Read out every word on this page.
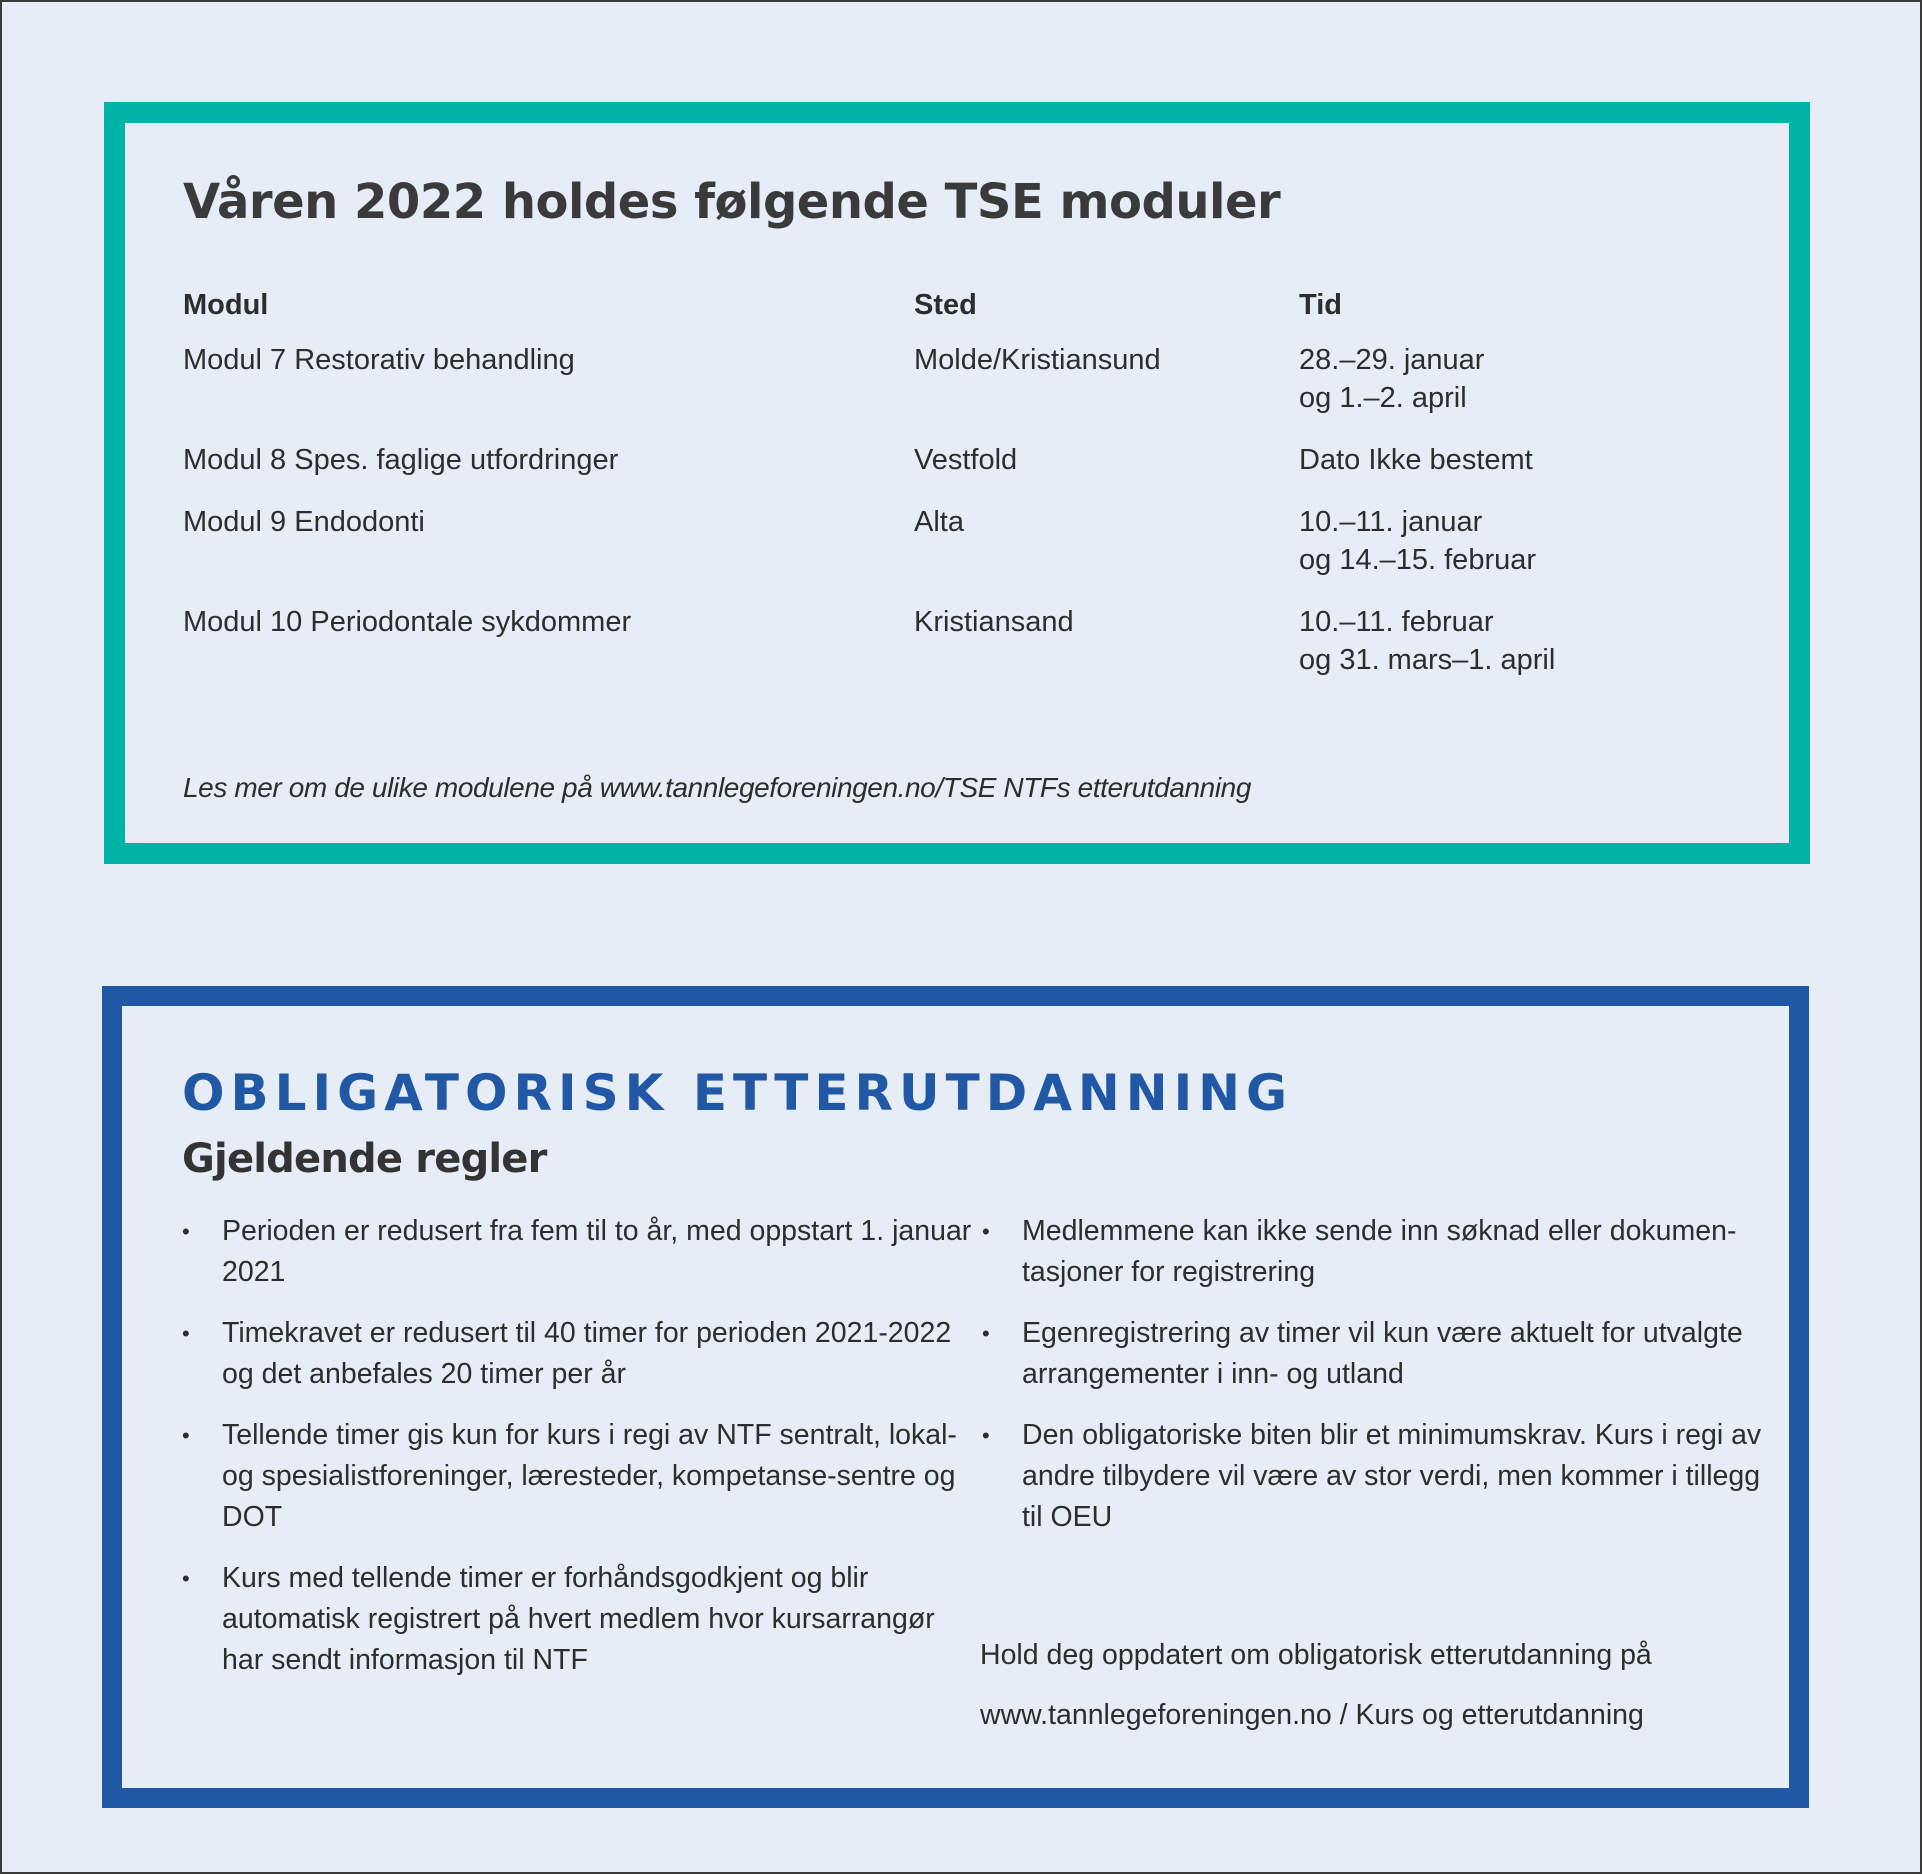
Våren 2022 holdes følgende TSE moduler
Modul	Sted	Tid
Modul 7 Restorativ behandling	Molde/Kristiansund	28.–29. januar
og 1.–2. april
Modul 8 Spes. faglige utfordringer	Vestfold	Dato Ikke bestemt
Modul 9 Endodonti	Alta	10.–11. januar
og 14.–15. februar
Modul 10 Periodontale sykdommer	Kristiansand	10.–11. februar
og 31. mars–1. april

Les mer om de ulike modulene på www.tannlegeforeningen.no/TSE NTFs etterutdanning

OBLIGATORISK ETTERUTDANNING
Gjeldende regler
• Perioden er redusert fra fem til to år, med oppstart 1. januar 2021
• Timekravet er redusert til 40 timer for perioden 2021-2022 og det anbefales 20 timer per år
• Tellende timer gis kun for kurs i regi av NTF sentralt, lokal- og spesialistforeninger, læresteder, kompetanse-sentre og DOT
• Kurs med tellende timer er forhåndsgodkjent og blir automatisk registrert på hvert medlem hvor kursarrangør har sendt informasjon til NTF
• Medlemmene kan ikke sende inn søknad eller dokumen-tasjoner for registrering
• Egenregistrering av timer vil kun være aktuelt for utvalgte arrangementer i inn- og utland
• Den obligatoriske biten blir et minimumskrav. Kurs i regi av andre tilbydere vil være av stor verdi, men kommer i tillegg til OEU

Hold deg oppdatert om obligatorisk etterutdanning på

www.tannlegeforeningen.no / Kurs og etterutdanning
